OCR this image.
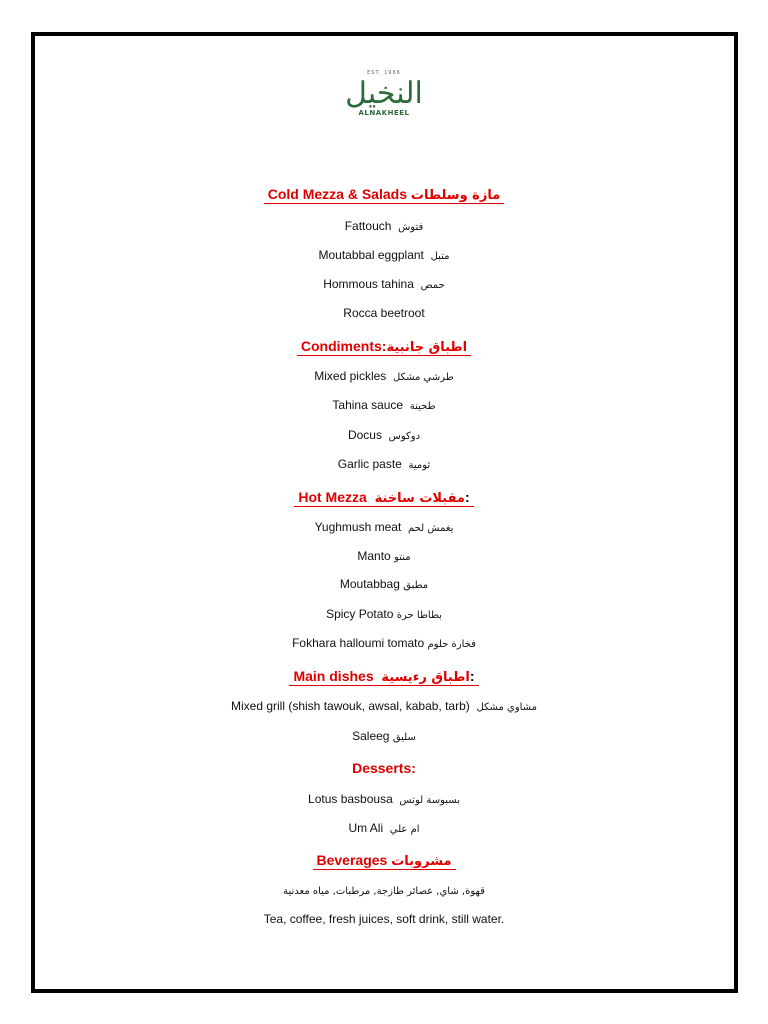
EST. 1986
النخيل
ALNAKHEEL
Cold Mezza & Salads مازة وسلطات
Fattouch فتوش
Moutabbal eggplant متبل
Hommous tahina حمص
Rocca beetroot
Condiments:اطباق جانبية
Mixed pickles طرشي مشكل
Tahina sauce طحينة
Docus دوكوس
Garlic paste ثومية
Hot Mezza مقبلات ساخنة:
Yughmush meat يغمش لحم
Manto منتو
Moutabbag مطبق
Spicy Potato بطاطا حرة
Fokhara halloumi tomato فخارة حلوم
Main dishes اطباق رءيسية:
Mixed grill (shish tawouk, awsal, kabab, tarb) مشاوي مشكل
Saleeg سليق
Desserts:
Lotus basbousa بسبوسة لوتس
Um Ali ام علي
Beverages مشروبات
قهوة, شاي, عصائر طازجة, مرطبات, مياه معدنية
Tea, coffee, fresh juices, soft drink, still water.
